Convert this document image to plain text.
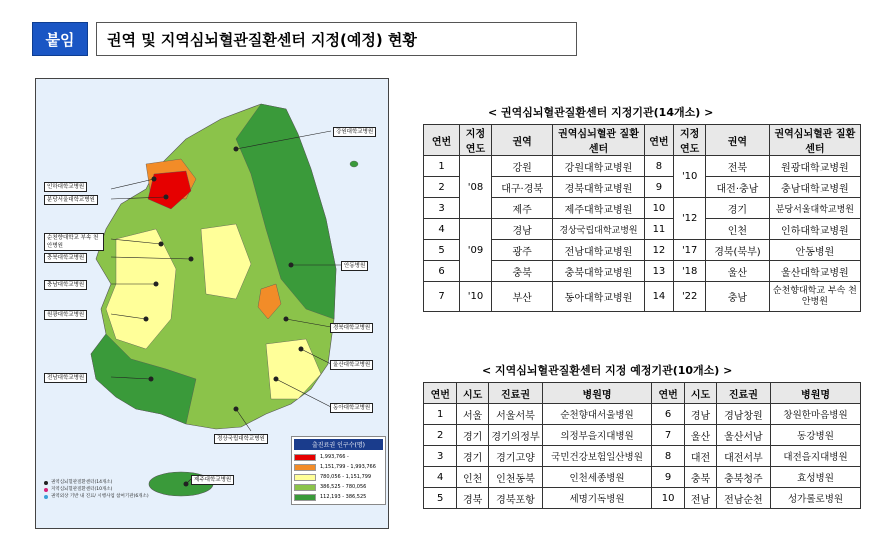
붙임	권역 및 지역심뇌혈관질환센터 지정(예정) 현황
강원대학교병원
인하대학교병원
분당서울대학교병원
순천향대학교 부속 천안병원
충북대학교병원
충남대학교병원
원광대학교병원
전남대학교병원
제주대학교병원
경상국립대학교병원
동아대학교병원
울산대학교병원
경북대학교병원
안동병원
출진료권 인구수(명)
1,993,766 -
1,151,799 - 1,993,766
780,056 - 1,151,799
386,525 - 780,056
112,193 - 386,525
권역심뇌혈관질환센터(14개소)
지역심뇌혈관질환센터(10개소)
권역외상 기반 내 진료/ 시행사업 참여기관(6개소)
< 권역심뇌혈관질환센터 지정기관(14개소) >
연번	지정 연도	권역	권역심뇌혈관 질환센터	연번	지정 연도	권역	권역심뇌혈관 질환센터
1	'08	강원	강원대학교병원	8	'10	전북	원광대학교병원
2		대구·경북	경북대학교병원	9		대전·충남	충남대학교병원
3		제주	제주대학교병원	10	'12	경기	분당서울대학교병원
4	'09	경남	경상국립대학교병원	11		인천	인하대학교병원
5		광주	전남대학교병원	12	'17	경북(북부)	안동병원
6		충북	충북대학교병원	13	'18	울산	울산대학교병원
7	'10	부산	동아대학교병원	14	'22	충남	순천향대학교 부속 천안병원
< 지역심뇌혈관질환센터 지정 예정기관(10개소) >
연번	시도	진료권	병원명	연번	시도	진료권	병원명
1	서울	서울서북	순천향대서울병원	6	경남	경남창원	창원한마음병원
2	경기	경기의정부	의정부을지대병원	7	울산	울산서남	동강병원
3	경기	경기고양	국민건강보험일산병원	8	대전	대전서부	대전을지대병원
4	인천	인천동북	인천세종병원	9	충북	충북청주	효성병원
5	경북	경북포항	세명기독병원	10	전남	전남순천	성가롤로병원
